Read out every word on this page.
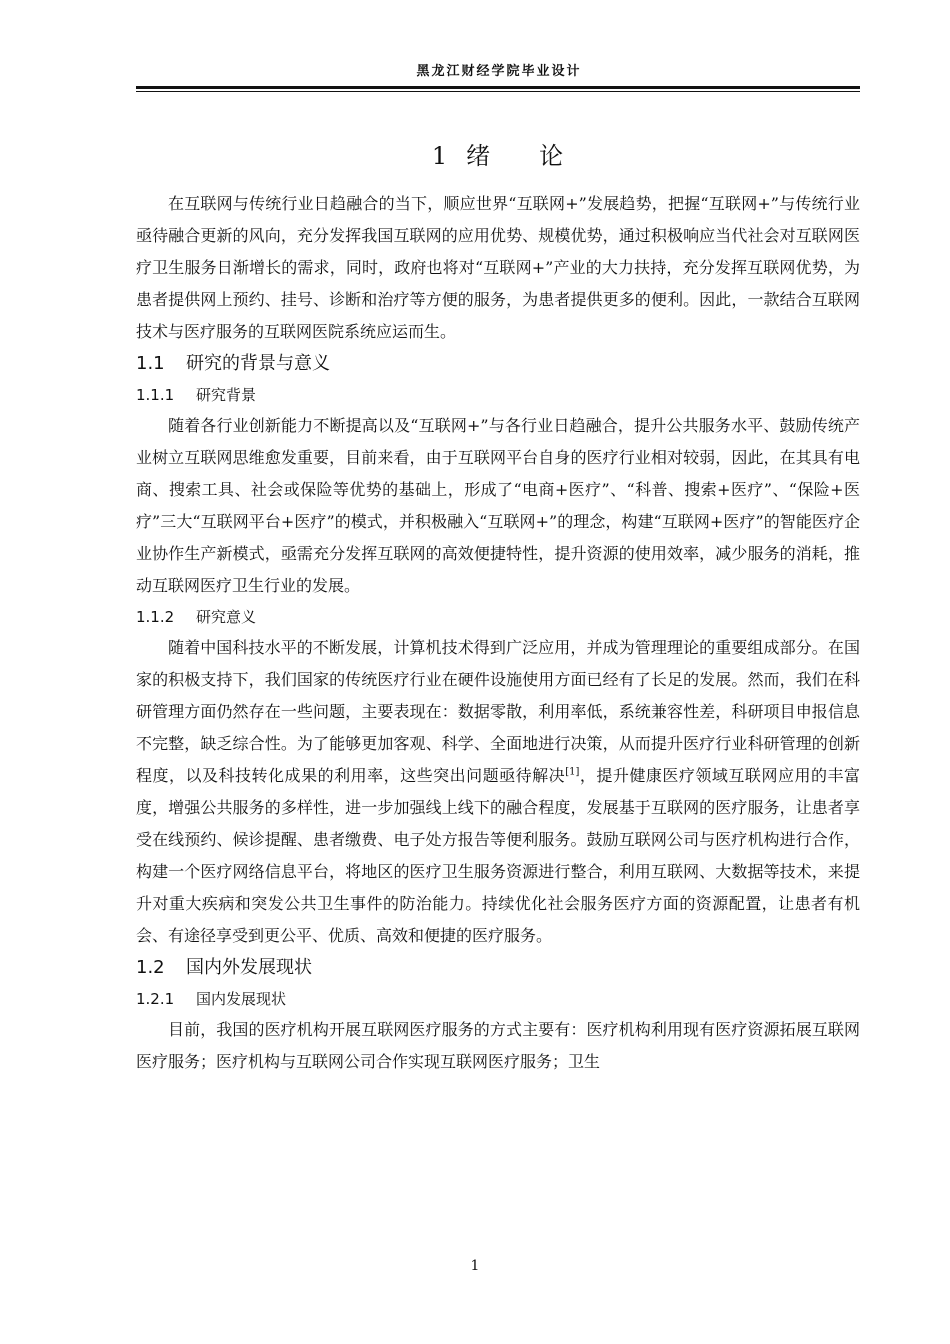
黑龙江财经学院毕业设计
1 绪 论

在互联网与传统行业日趋融合的当下，顺应世界“互联网+”发展趋势，把握“互联网+”与传统行业亟待融合更新的风向，充分发挥我国互联网的应用优势、规模优势，通过积极响应当代社会对互联网医疗卫生服务日渐增长的需求，同时，政府也将对“互联网+”产业的大力扶持，充分发挥互联网优势，为患者提供网上预约、挂号、诊断和治疗等方便的服务，为患者提供更多的便利。因此，一款结合互联网技术与医疗服务的互联网医院系统应运而生。

1.1 研究的背景与意义
1.1.1 研究背景

随着各行业创新能力不断提高以及“互联网+”与各行业日趋融合，提升公共服务水平、鼓励传统产业树立互联网思维愈发重要，目前来看，由于互联网平台自身的医疗行业相对较弱，因此，在其具有电商、搜索工具、社会或保险等优势的基础上，形成了“电商+医疗”、“科普、搜索+医疗”、“保险+医疗”三大“互联网平台+医疗”的模式，并积极融入“互联网+”的理念，构建“互联网+医疗”的智能医疗企业协作生产新模式，亟需充分发挥互联网的高效便捷特性，提升资源的使用效率，减少服务的消耗，推动互联网医疗卫生行业的发展。

1.1.2 研究意义

随着中国科技水平的不断发展，计算机技术得到广泛应用，并成为管理理论的重要组成部分。在国家的积极支持下，我们国家的传统医疗行业在硬件设施使用方面已经有了长足的发展。然而，我们在科研管理方面仍然存在一些问题，主要表现在：数据零散，利用率低，系统兼容性差，科研项目申报信息不完整，缺乏综合性。为了能够更加客观、科学、全面地进行决策，从而提升医疗行业科研管理的创新程度，以及科技转化成果的利用率，这些突出问题亟待解决[1]，提升健康医疗领域互联网应用的丰富度，增强公共服务的多样性，进一步加强线上线下的融合程度，发展基于互联网的医疗服务，让患者享受在线预约、候诊提醒、患者缴费、电子处方报告等便利服务。鼓励互联网公司与医疗机构进行合作，构建一个医疗网络信息平台，将地区的医疗卫生服务资源进行整合，利用互联网、大数据等技术，来提升对重大疾病和突发公共卫生事件的防治能力。持续优化社会服务医疗方面的资源配置，让患者有机会、有途径享受到更公平、优质、高效和便捷的医疗服务。

1.2 国内外发展现状
1.2.1 国内发展现状

目前，我国的医疗机构开展互联网医疗服务的方式主要有：医疗机构利用现有医疗资源拓展互联网医疗服务；医疗机构与互联网公司合作实现互联网医疗服务；卫生

1
